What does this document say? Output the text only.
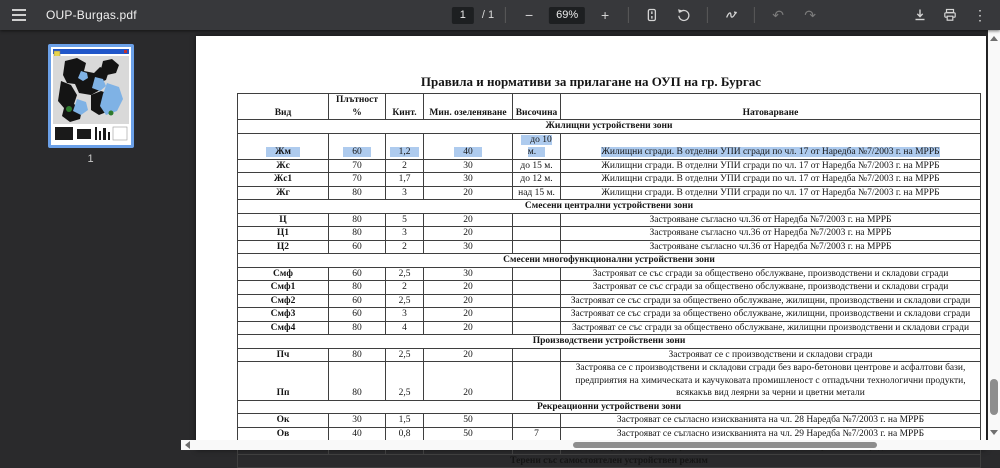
OUP-Burgas.pdf	1	/ 1	−	69%	+	↶	↷	⋮
1
Правила и нормативи за прилагане на ОУП на гр. Бургас
Вид	Плътност %	Кинт.	Мин. озеленяване	Височина	Натоварване
Жилищни устройствени зони					
Жм	60	1,2	40	до 10 м.	Жилищни сгради. В отделни УПИ сгради по чл. 17 от Наредба №7/2003 г. на МРРБ
Жс	70	2	30	до 15 м.	Жилищни сгради. В отделни УПИ сгради по чл. 17 от Наредба №7/2003 г. на МРРБ
Жс1	70	1,7	30	до 12 м.	Жилищни сгради. В отделни УПИ сгради по чл. 17 от Наредба №7/2003 г. на МРРБ
Жг	80	3	20	над 15 м.	Жилищни сгради. В отделни УПИ сгради по чл. 17 от Наредба №7/2003 г. на МРРБ
Смесени централни устройствени зони					
Ц	80	5	20		Застрояване съгласно чл.36 от Наредба №7/2003 г. на МРРБ
Ц1	80	3	20		Застрояване съгласно чл.36 от Наредба №7/2003 г. на МРРБ
Ц2	60	2	30		Застрояване съгласно чл.36 от Наредба №7/2003 г. на МРРБ
Смесени многофункционални устройствени зони					
Смф	60	2,5	30		Застрояват се със сгради за обществено обслужване, производствени и складови сгради
Смф1	80	2	20		Застрояват се със сгради за обществено обслужване, производствени и складови сгради
Смф2	60	2,5	20		Застрояват се със сгради за обществено обслужване, жилищни, производствени и складови сгради
Смф3	60	3	20		Застрояват се със сгради за обществено обслужване, жилищни, производствени и складови сгради
Смф4	80	4	20		Застрояват се със сгради за обществено обслужване, жилищни производствени и складови сгради
Производствени устройствени зони					
Пч	80	2,5	20		Застрояват се с производствени и складови сгради
Пп	80	2,5	20		Застроява се с производствени и складови сгради без варо-бетонови центрове и асфалтови бази, предприятия на химическата и каучуковата промишленост с отпадъчни технологични продукти, всякакъв вид леярни за черни и цветни метали
Рекреационни устройствени зони					
Ок	30	1,5	50		Застрояват се съгласно изискванията на чл. 28 Наредба №7/2003 г. на МРРБ
Ов	40	0,8	50	7	Застрояват се съгласно изискванията на чл. 29 Наредба №7/2003 г. на МРРБ

Терени със самостоятелен устройствен режим					
